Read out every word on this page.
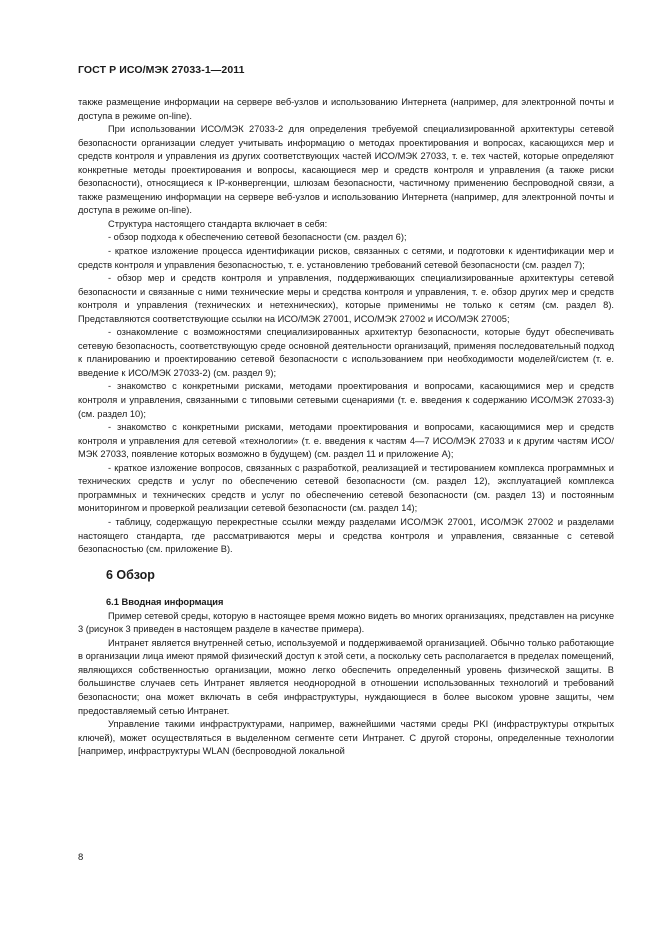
ГОСТ Р ИСО/МЭК 27033-1—2011

также размещение информации на сервере веб-узлов и использованию Интернета (например, для электронной почты и доступа в режиме on-line).

При использовании ИСО/МЭК 27033-2 для определения требуемой специализированной архитектуры сетевой безопасности организации следует учитывать информацию о методах проектирования и вопросах, касающихся мер и средств контроля и управления из других соответствующих частей ИСО/МЭК 27033, т. е. тех частей, которые определяют конкретные методы проектирования и вопросы, касающиеся мер и средств контроля и управления (а также риски безопасности), относящиеся к IP-конвергенции, шлюзам безопасности, частичному применению беспроводной связи, а также размещению информации на сервере веб-узлов и использованию Интернета (например, для электронной почты и доступа в режиме on-line).

Структура настоящего стандарта включает в себя:

- обзор подхода к обеспечению сетевой безопасности (см. раздел 6);

- краткое изложение процесса идентификации рисков, связанных с сетями, и подготовки к идентификации мер и средств контроля и управления безопасностью, т. е. установлению требований сетевой безопасности (см. раздел 7);

- обзор мер и средств контроля и управления, поддерживающих специализированные архитектуры сетевой безопасности и связанные с ними технические меры и средства контроля и управления, т. е. обзор других мер и средств контроля и управления (технических и нетехнических), которые применимы не только к сетям (см. раздел 8). Представляются соответствующие ссылки на ИСО/МЭК 27001, ИСО/МЭК 27002 и ИСО/МЭК 27005;

- ознакомление с возможностями специализированных архитектур безопасности, которые будут обеспечивать сетевую безопасность, соответствующую среде основной деятельности организаций, применяя последовательный подход к планированию и проектированию сетевой безопасности с использованием при необходимости моделей/систем (т. е. введение к ИСО/МЭК 27033-2) (см. раздел 9);

- знакомство с конкретными рисками, методами проектирования и вопросами, касающимися мер и средств контроля и управления, связанными с типовыми сетевыми сценариями (т. е. введения к содержанию ИСО/МЭК 27033-3) (см. раздел 10);

- знакомство с конкретными рисками, методами проектирования и вопросами, касающимися мер и средств контроля и управления для сетевой «технологии» (т. е. введения к частям 4—7 ИСО/МЭК 27033 и к другим частям ИСО/МЭК 27033, появление которых возможно в будущем) (см. раздел 11 и приложение А);

- краткое изложение вопросов, связанных с разработкой, реализацией и тестированием комплекса программных и технических средств и услуг по обеспечению сетевой безопасности (см. раздел 12), эксплуатацией комплекса программных и технических средств и услуг по обеспечению сетевой безопасности (см. раздел 13) и постоянным мониторингом и проверкой реализации сетевой безопасности (см. раздел 14);

- таблицу, содержащую перекрестные ссылки между разделами ИСО/МЭК 27001, ИСО/МЭК 27002 и разделами настоящего стандарта, где рассматриваются меры и средства контроля и управления, связанные с сетевой безопасностью (см. приложение В).

6 Обзор

6.1 Вводная информация

Пример сетевой среды, которую в настоящее время можно видеть во многих организациях, представлен на рисунке 3 (рисунок 3 приведен в настоящем разделе в качестве примера).

Интранет является внутренней сетью, используемой и поддерживаемой организацией. Обычно только работающие в организации лица имеют прямой физический доступ к этой сети, а поскольку сеть располагается в пределах помещений, являющихся собственностью организации, можно легко обеспечить определенный уровень физической защиты. В большинстве случаев сеть Интранет является неоднородной в отношении использованных технологий и требований безопасности; она может включать в себя инфраструктуры, нуждающиеся в более высоком уровне защиты, чем предоставляемый сетью Интранет.

Управление такими инфраструктурами, например, важнейшими частями среды PKI (инфраструктуры открытых ключей), может осуществляться в выделенном сегменте сети Интранет. С другой стороны, определенные технологии [например, инфраструктуры WLAN (беспроводной локальной

8
